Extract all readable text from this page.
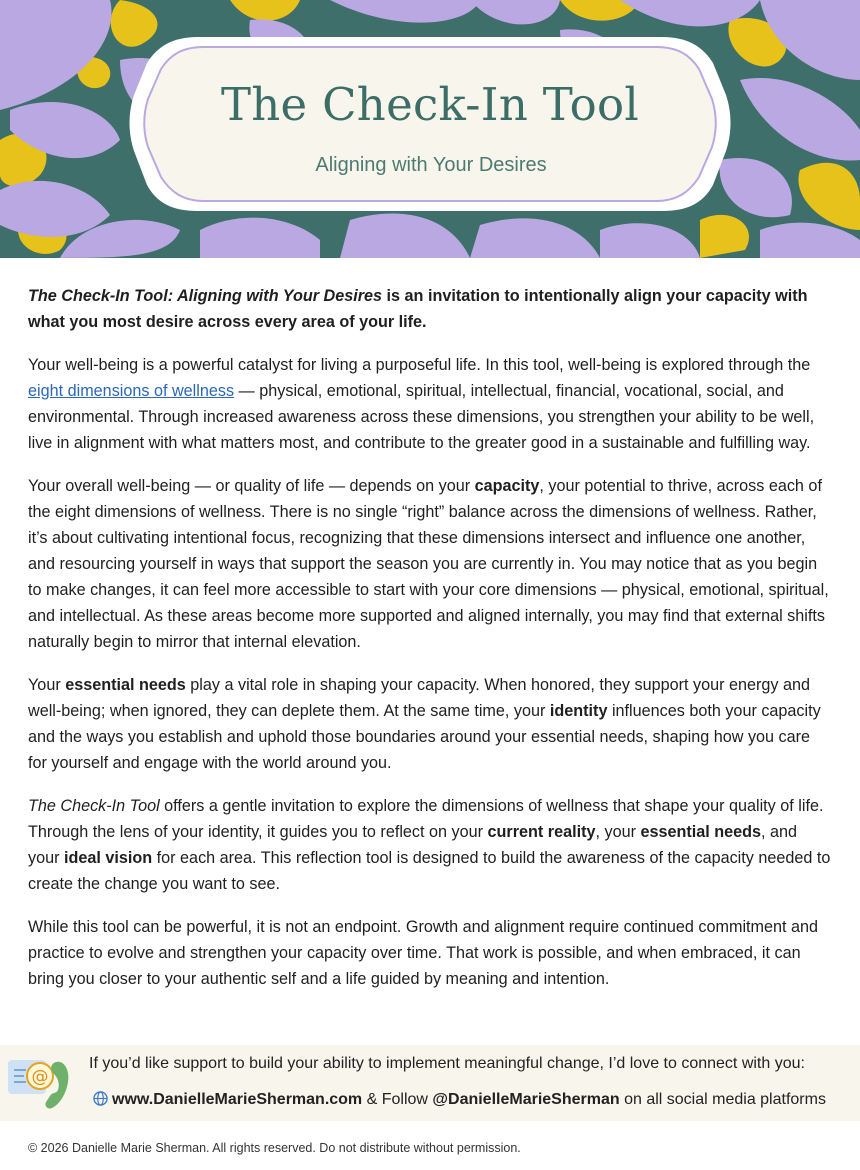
The Check-In Tool
Aligning with Your Desires

The Check-In Tool: Aligning with Your Desires is an invitation to intentionally align your capacity with what you most desire across every area of your life.

Your well-being is a powerful catalyst for living a purposeful life. In this tool, well-being is explored through the eight dimensions of wellness — physical, emotional, spiritual, intellectual, financial, vocational, social, and environmental. Through increased awareness across these dimensions, you strengthen your ability to be well, live in alignment with what matters most, and contribute to the greater good in a sustainable and fulfilling way.

Your overall well-being — or quality of life — depends on your capacity, your potential to thrive, across each of the eight dimensions of wellness. There is no single “right” balance across the dimensions of wellness. Rather, it’s about cultivating intentional focus, recognizing that these dimensions intersect and influence one another, and resourcing yourself in ways that support the season you are currently in. You may notice that as you begin to make changes, it can feel more accessible to start with your core dimensions — physical, emotional, spiritual, and intellectual. As these areas become more supported and aligned internally, you may find that external shifts naturally begin to mirror that internal elevation.

Your essential needs play a vital role in shaping your capacity. When honored, they support your energy and well-being; when ignored, they can deplete them. At the same time, your identity influences both your capacity and the ways you establish and uphold those boundaries around your essential needs, shaping how you care for yourself and engage with the world around you.

The Check-In Tool offers a gentle invitation to explore the dimensions of wellness that shape your quality of life. Through the lens of your identity, it guides you to reflect on your current reality, your essential needs, and your ideal vision for each area. This reflection tool is designed to build the awareness of the capacity needed to create the change you want to see.

While this tool can be powerful, it is not an endpoint. Growth and alignment require continued commitment and practice to evolve and strengthen your capacity over time. That work is possible, and when embraced, it can bring you closer to your authentic self and a life guided by meaning and intention.

@
If you’d like support to build your ability to implement meaningful change, I’d love to connect with you:
www.DanielleMarieSherman.com & Follow @DanielleMarieSherman on all social media platforms
© 2026 Danielle Marie Sherman. All rights reserved. Do not distribute without permission.
